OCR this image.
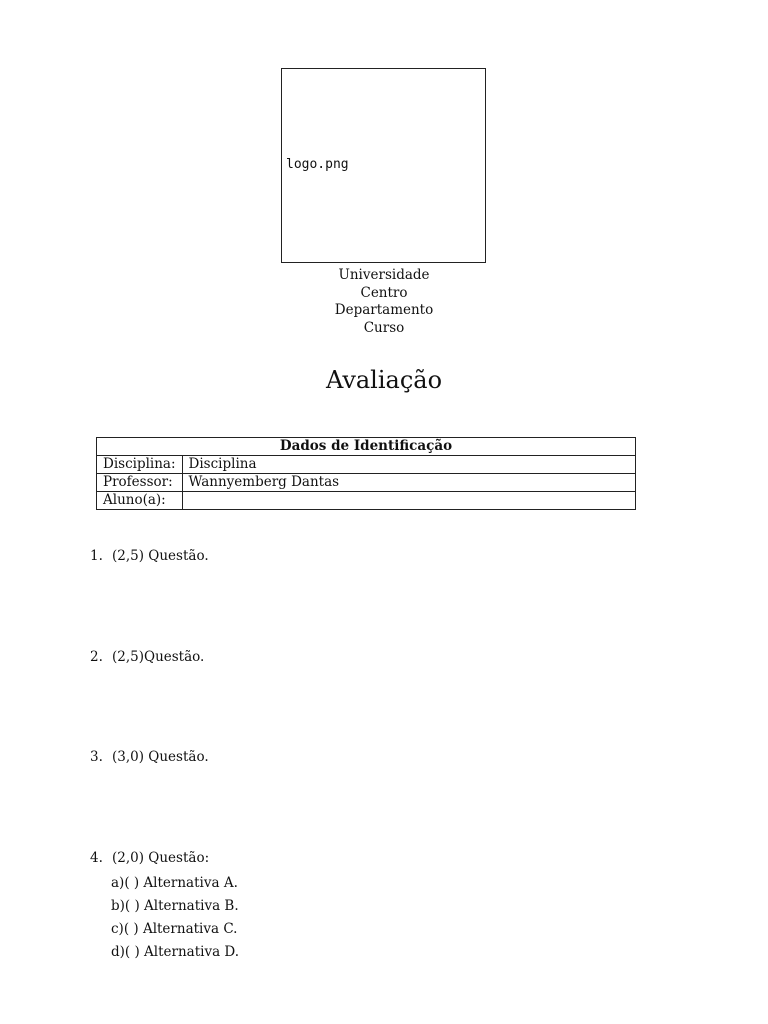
logo.png
Universidade
Centro
Departamento
Curso
Avaliação
Dados de Identificação	
Disciplina:	Disciplina
Professor:	Wannyemberg Dantas
Aluno(a):	
1. (2,5) Questão.
2. (2,5)Questão.
3. (3,0) Questão.
4. (2,0) Questão:
a)( ) Alternativa A.
b)( ) Alternativa B.
c)( ) Alternativa C.
d)( ) Alternativa D.
